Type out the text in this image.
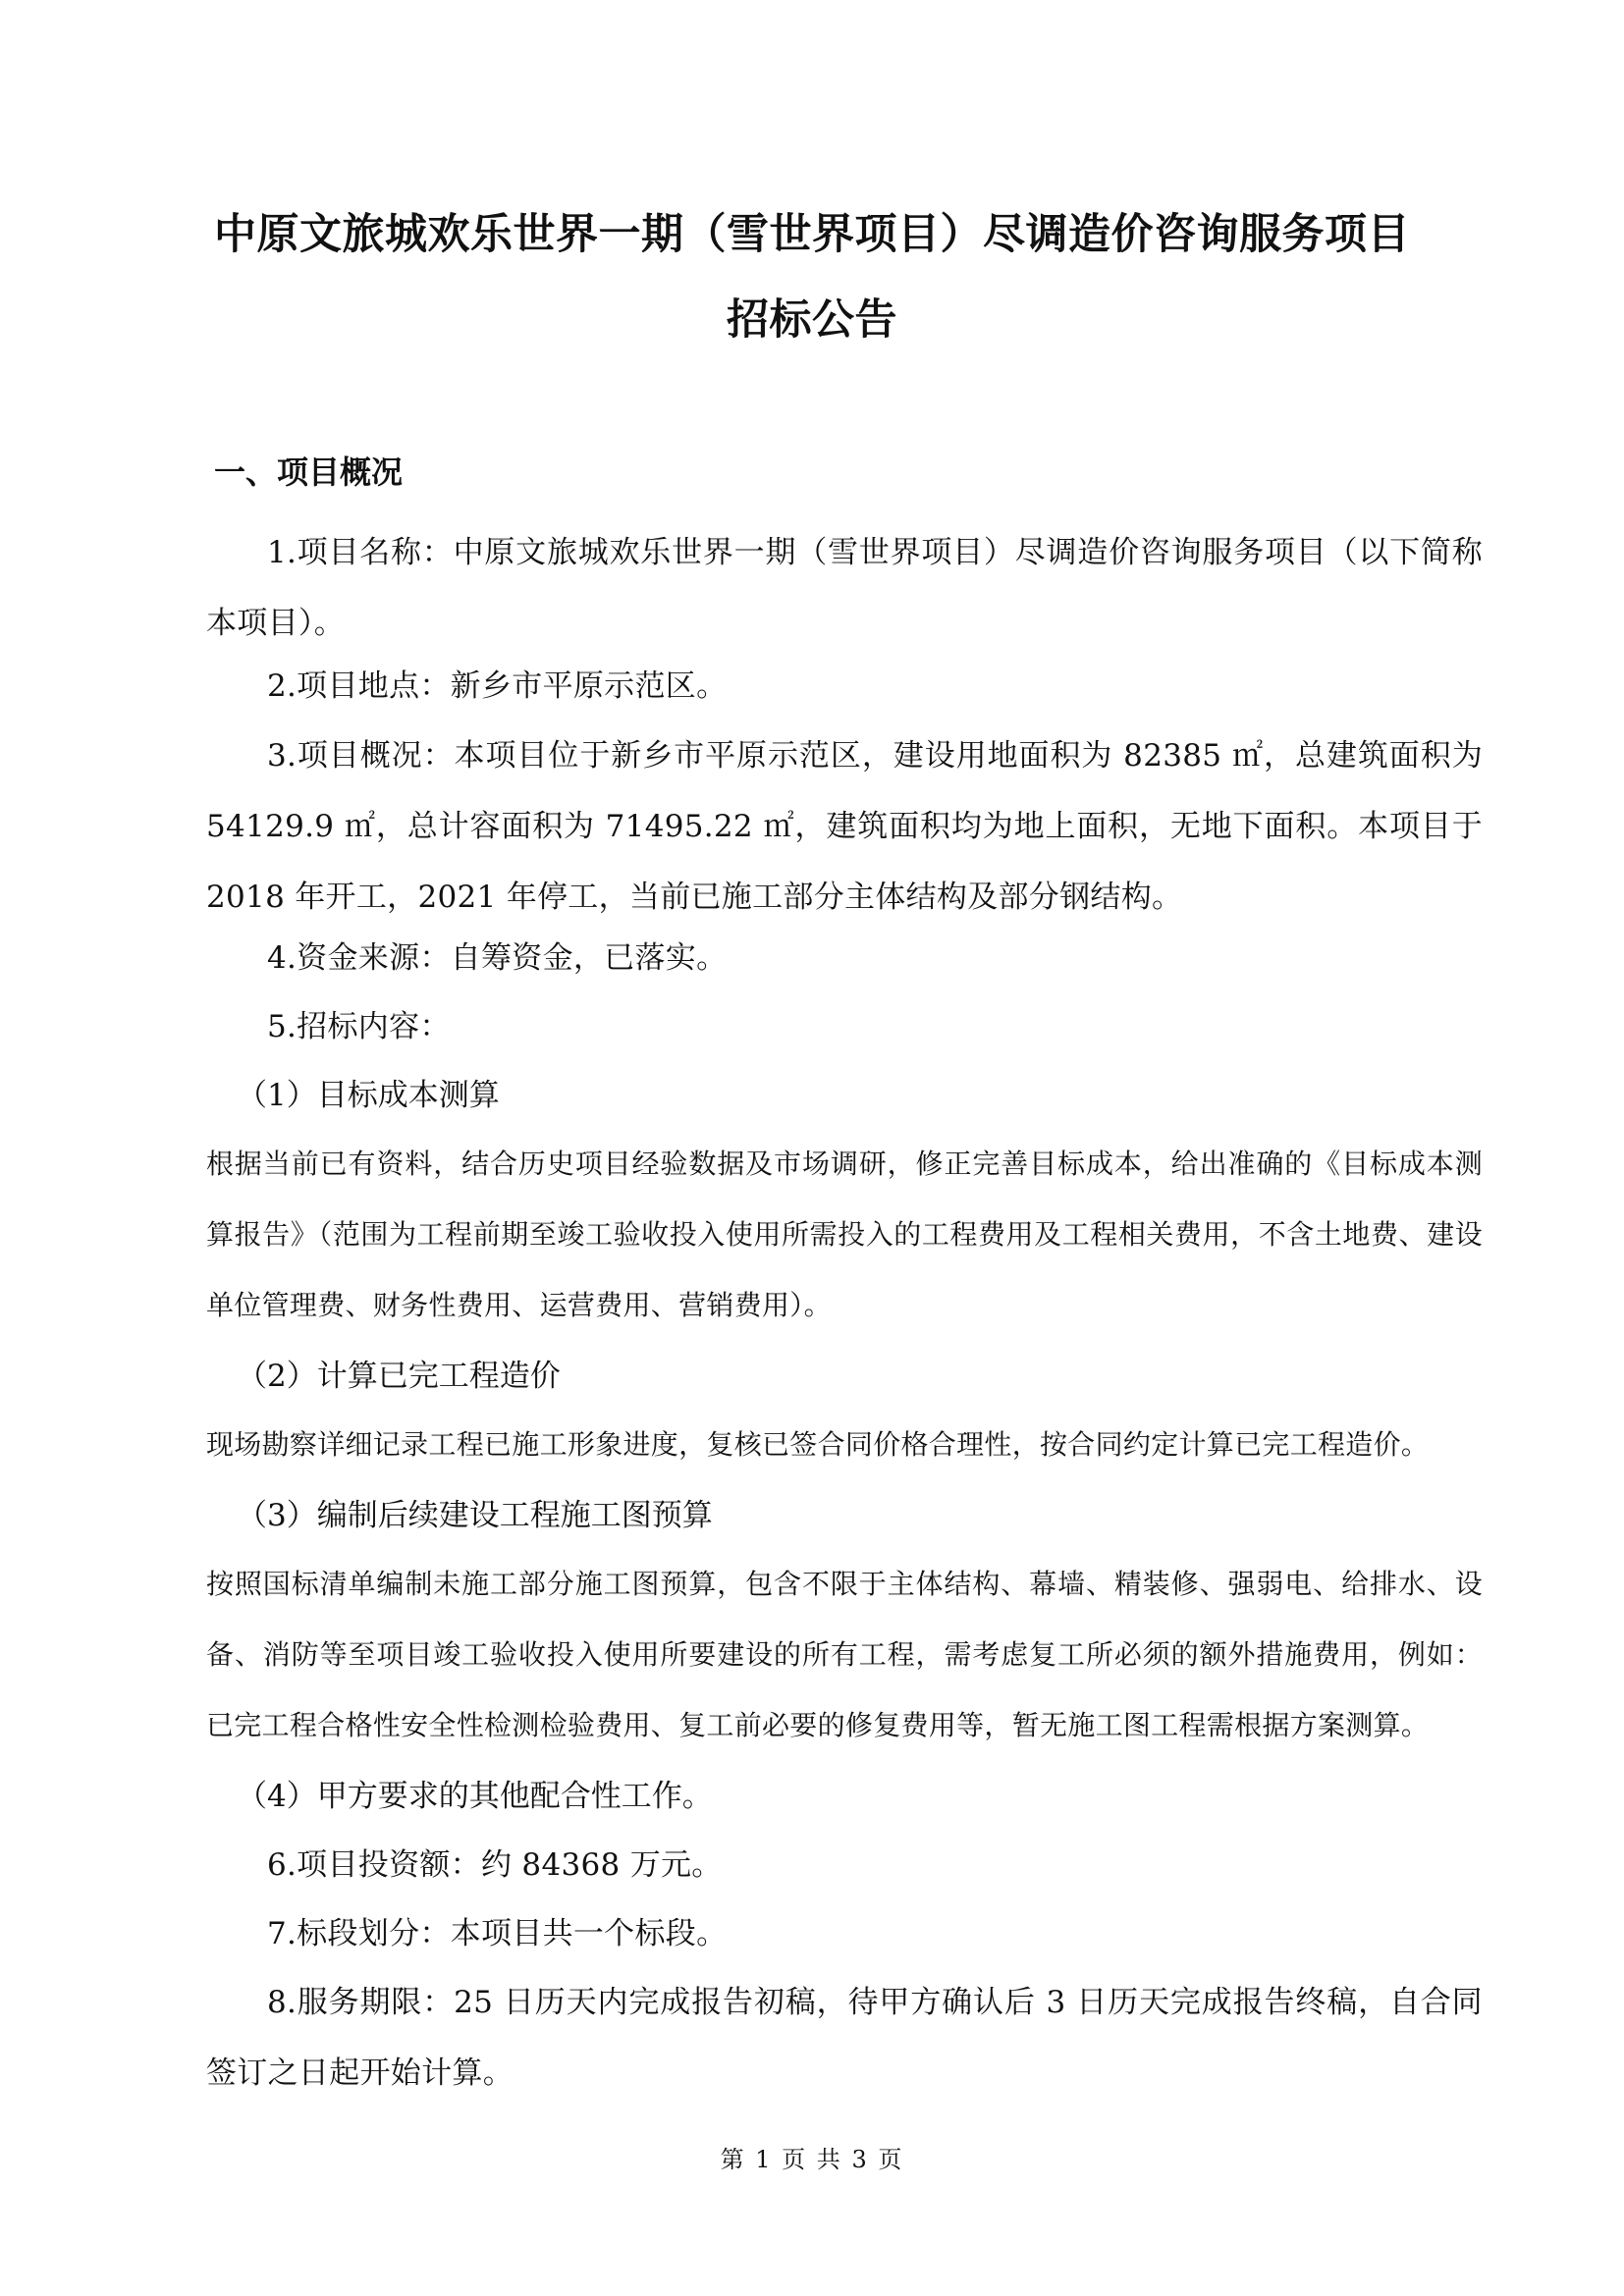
中原文旅城欢乐世界一期（雪世界项目）尽调造价咨询服务项目
招标公告
一、项目概况

1.项目名称：中原文旅城欢乐世界一期（雪世界项目）尽调造价咨询服务项目（以下简称本项目）。

2.项目地点：新乡市平原示范区。

3.项目概况：本项目位于新乡市平原示范区，建设用地面积为 82385 ㎡，总建筑面积为 54129.9 ㎡，总计容面积为 71495.22 ㎡，建筑面积均为地上面积，无地下面积。本项目于 2018 年开工，2021 年停工，当前已施工部分主体结构及部分钢结构。

4.资金来源：自筹资金，已落实。

5.招标内容：

（1）目标成本测算

根据当前已有资料，结合历史项目经验数据及市场调研，修正完善目标成本，给出准确的《目标成本测算报告》（范围为工程前期至竣工验收投入使用所需投入的工程费用及工程相关费用，不含土地费、建设单位管理费、财务性费用、运营费用、营销费用）。

（2）计算已完工程造价

现场勘察详细记录工程已施工形象进度，复核已签合同价格合理性，按合同约定计算已完工程造价。

（3）编制后续建设工程施工图预算

按照国标清单编制未施工部分施工图预算，包含不限于主体结构、幕墙、精装修、强弱电、给排水、设备、消防等至项目竣工验收投入使用所要建设的所有工程，需考虑复工所必须的额外措施费用，例如：已完工程合格性安全性检测检验费用、复工前必要的修复费用等，暂无施工图工程需根据方案测算。

（4）甲方要求的其他配合性工作。

6.项目投资额：约 84368 万元。

7.标段划分：本项目共一个标段。

8.服务期限：25 日历天内完成报告初稿，待甲方确认后 3 日历天完成报告终稿，自合同签订之日起开始计算。

第 1 页 共 3 页
